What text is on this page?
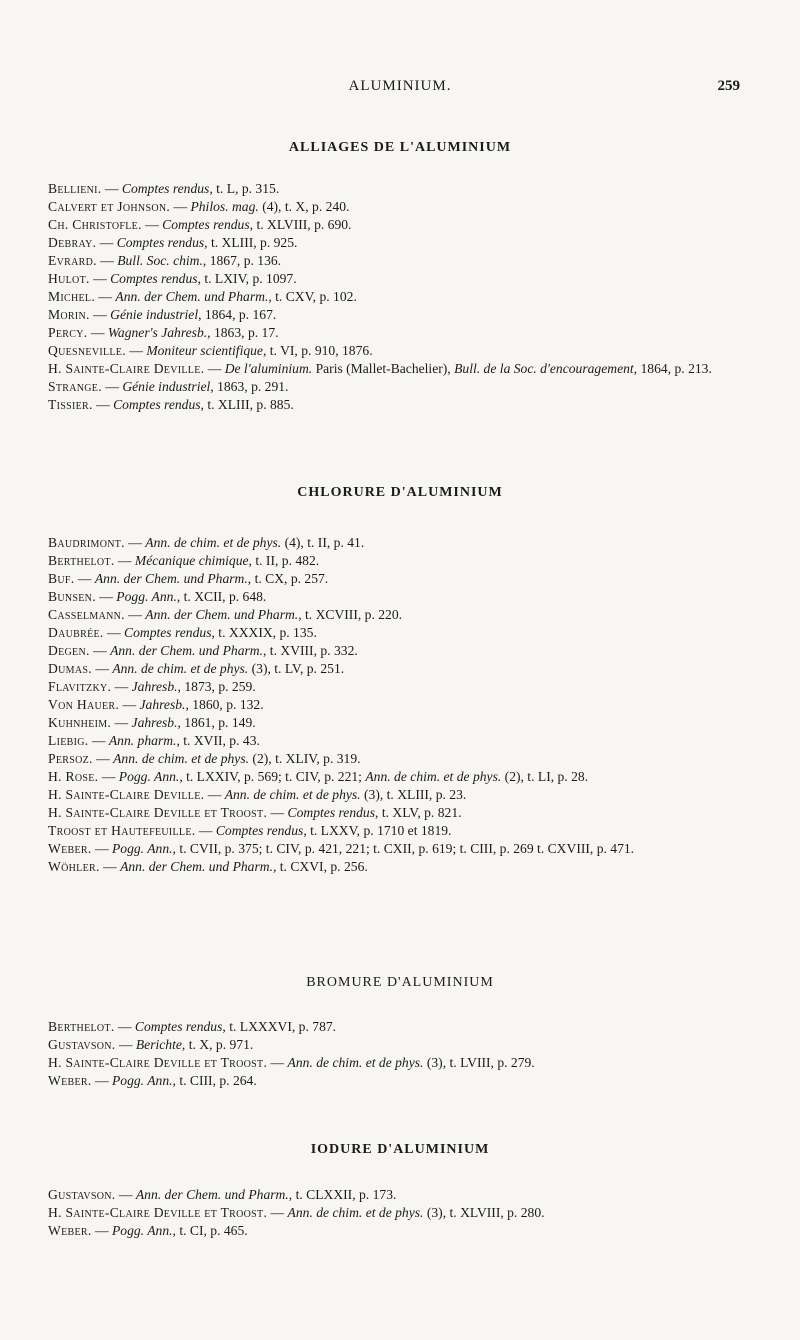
ALUMINIUM.	259
ALLIAGES DE L'ALUMINIUM

Bellieni. — Comptes rendus, t. L, p. 315.

Calvert et Johnson. — Philos. mag. (4), t. X, p. 240.

Ch. Christofle. — Comptes rendus, t. XLVIII, p. 690.

Debray. — Comptes rendus, t. XLIII, p. 925.

Evrard. — Bull. Soc. chim., 1867, p. 136.

Hulot. — Comptes rendus, t. LXIV, p. 1097.

Michel. — Ann. der Chem. und Pharm., t. CXV, p. 102.

Morin. — Génie industriel, 1864, p. 167.

Percy. — Wagner's Jahresb., 1863, p. 17.

Quesneville. — Moniteur scientifique, t. VI, p. 910, 1876.

H. Sainte-Claire Deville. — De l'aluminium. Paris (Mallet-Bachelier), Bull. de la Soc. d'encouragement, 1864, p. 213.

Strange. — Génie industriel, 1863, p. 291.

Tissier. — Comptes rendus, t. XLIII, p. 885.

CHLORURE D'ALUMINIUM

Baudrimont. — Ann. de chim. et de phys. (4), t. II, p. 41.

Berthelot. — Mécanique chimique, t. II, p. 482.

Buf. — Ann. der Chem. und Pharm., t. CX, p. 257.

Bunsen. — Pogg. Ann., t. XCII, p. 648.

Casselmann. — Ann. der Chem. und Pharm., t. XCVIII, p. 220.

Daubrée. — Comptes rendus, t. XXXIX, p. 135.

Degen. — Ann. der Chem. und Pharm., t. XVIII, p. 332.

Dumas. — Ann. de chim. et de phys. (3), t. LV, p. 251.

Flavitzky. — Jahresb., 1873, p. 259.

Von Hauer. — Jahresb., 1860, p. 132.

Kuhnheim. — Jahresb., 1861, p. 149.

Liebig. — Ann. pharm., t. XVII, p. 43.

Persoz. — Ann. de chim. et de phys. (2), t. XLIV, p. 319.

H. Rose. — Pogg. Ann., t. LXXIV, p. 569; t. CIV, p. 221; Ann. de chim. et de phys. (2), t. LI, p. 28.

H. Sainte-Claire Deville. — Ann. de chim. et de phys. (3), t. XLIII, p. 23.

H. Sainte-Claire Deville et Troost. — Comptes rendus, t. XLV, p. 821.

Troost et Hautefeuille. — Comptes rendus, t. LXXV, p. 1710 et 1819.

Weber. — Pogg. Ann., t. CVII, p. 375; t. CIV, p. 421, 221; t. CXII, p. 619; t. CIII, p. 269 t. CXVIII, p. 471.

Wöhler. — Ann. der Chem. und Pharm., t. CXVI, p. 256.

BROMURE D'ALUMINIUM

Berthelot. — Comptes rendus, t. LXXXVI, p. 787.

Gustavson. — Berichte, t. X, p. 971.

H. Sainte-Claire Deville et Troost. — Ann. de chim. et de phys. (3), t. LVIII, p. 279.

Weber. — Pogg. Ann., t. CIII, p. 264.

IODURE D'ALUMINIUM

Gustavson. — Ann. der Chem. und Pharm., t. CLXXII, p. 173.

H. Sainte-Claire Deville et Troost. — Ann. de chim. et de phys. (3), t. XLVIII, p. 280.

Weber. — Pogg. Ann., t. CI, p. 465.
